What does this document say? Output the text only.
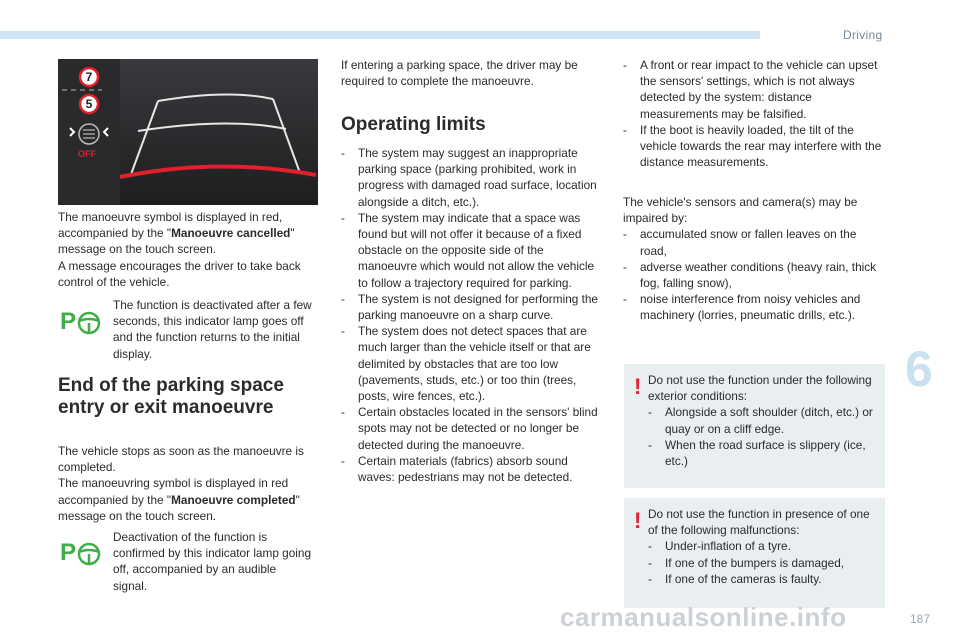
Driving
6
187
7
5
OFF

The manoeuvre symbol is displayed in red, accompanied by the "Manoeuvre cancelled" message on the touch screen.

A message encourages the driver to take back control of the vehicle.

P
The function is deactivated after a few seconds, this indicator lamp goes off and the function returns to the initial display.
End of the parking space entry or exit manoeuvre

The vehicle stops as soon as the manoeuvre is completed.

The manoeuvring symbol is displayed in red accompanied by the "Manoeuvre completed" message on the touch screen.

P
Deactivation of the function is confirmed by this indicator lamp going off, accompanied by an audible signal.
If entering a parking space, the driver may be required to complete the manoeuvre.
Operating limits
- The system may suggest an inappropriate parking space (parking prohibited, work in progress with damaged road surface, location alongside a ditch, etc.).
- The system may indicate that a space was found but will not offer it because of a fixed obstacle on the opposite side of the manoeuvre which would not allow the vehicle to follow a trajectory required for parking.
- The system is not designed for performing the parking manoeuvre on a sharp curve.
- The system does not detect spaces that are much larger than the vehicle itself or that are delimited by obstacles that are too low (pavements, studs, etc.) or too thin (trees, posts, wire fences, etc.).
- Certain obstacles located in the sensors' blind spots may not be detected or no longer be detected during the manoeuvre.
- Certain materials (fabrics) absorb sound waves: pedestrians may not be detected.
- A front or rear impact to the vehicle can upset the sensors' settings, which is not always detected by the system: distance measurements may be falsified.
- If the boot is heavily loaded, the tilt of the vehicle towards the rear may interfere with the distance measurements.

The vehicle's sensors and camera(s) may be impaired by:

- accumulated snow or fallen leaves on the road,
- adverse weather conditions (heavy rain, thick fog, falling snow),
- noise interference from noisy vehicles and machinery (lorries, pneumatic drills, etc.).
! Do not use the function under the following exterior conditions:

- Alongside a soft shoulder (ditch, etc.) or quay or on a cliff edge.
- When the road surface is slippery (ice, etc.)
! Do not use the function in presence of one of the following malfunctions:

- Under-inflation of a tyre.
- If one of the bumpers is damaged,
- If one of the cameras is faulty.
carmanualsonline.info
